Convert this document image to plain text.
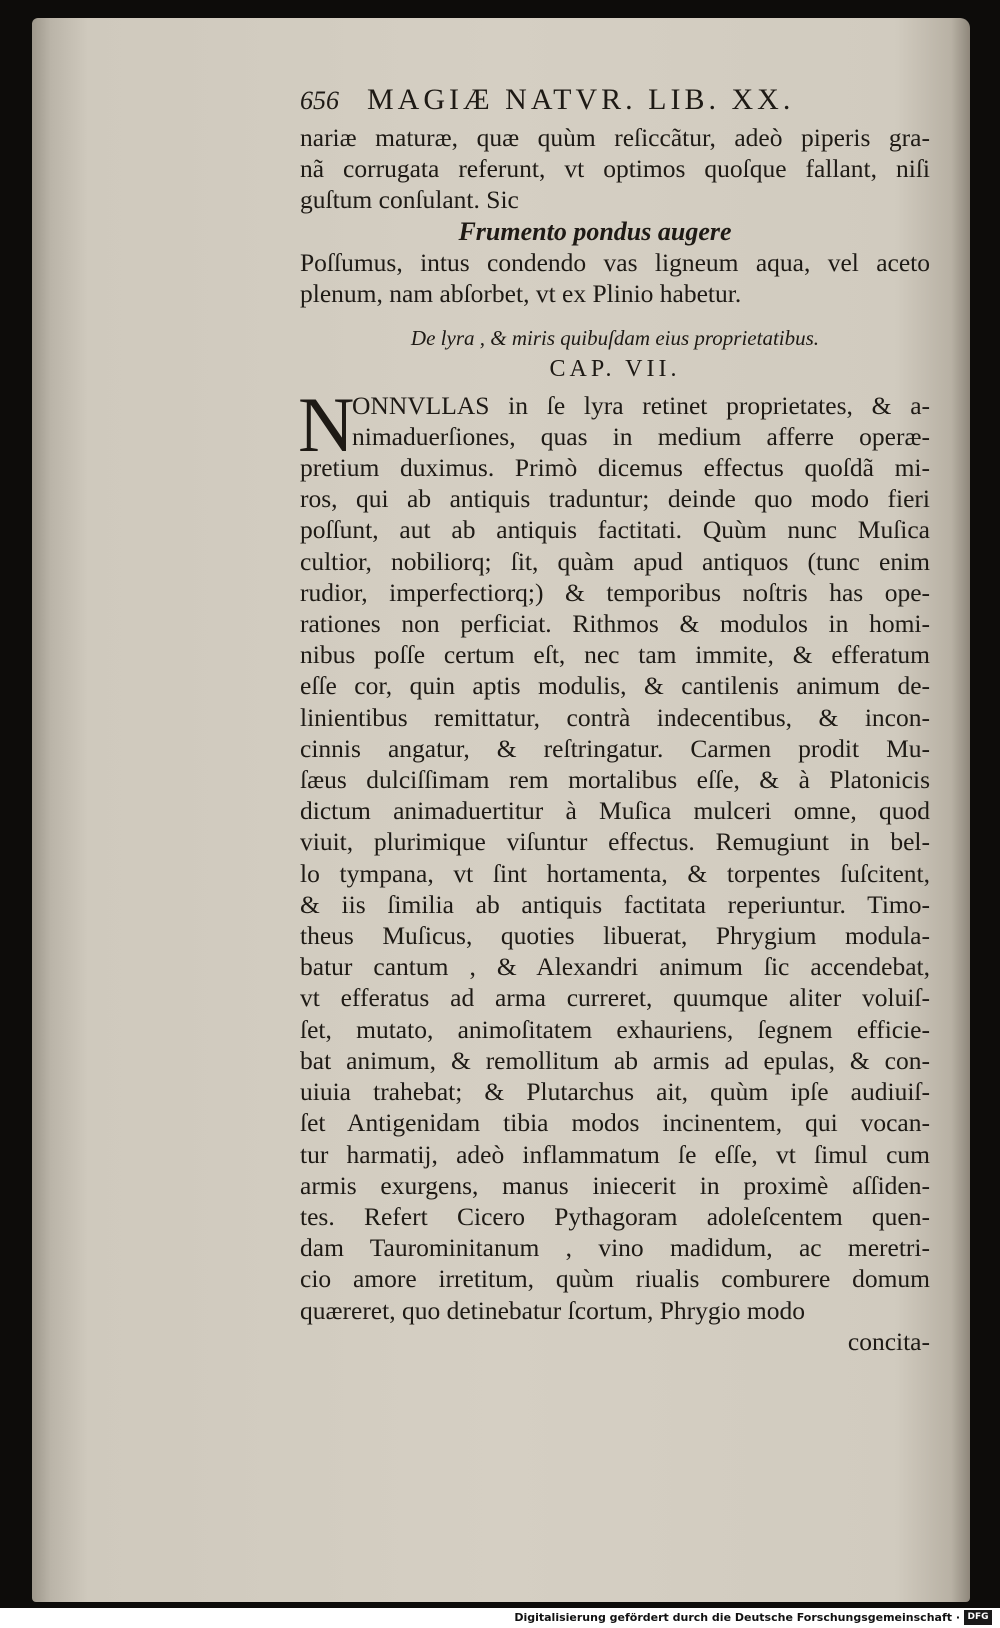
656 MAGIÆ NATVR. LIB. XX.
nariæ maturæ, quæ quùm reſiccãtur, adeò piperis gra-
nã corrugata referunt, vt optimos quoſque fallant, niſi
guſtum conſulant. Sic
Frumento pondus augere
Poſſumus, intus condendo vas ligneum aqua, vel aceto
plenum, nam abſorbet, vt ex Plinio habetur.
De lyra , & miris quibuſdam eius proprietatibus.
CAP. VII.
N
ONNVLLAS in ſe lyra retinet proprietates, & a-
nimaduerſiones, quas in medium afferre operæ-
pretium duximus. Primò dicemus effectus quoſdã mi-
ros, qui ab antiquis traduntur; deinde quo modo fieri
poſſunt, aut ab antiquis factitati. Quùm nunc Muſica
cultior, nobiliorq; ſit, quàm apud antiquos (tunc enim
rudior, imperfectiorq;) & temporibus noſtris has ope-
rationes non perficiat. Rithmos & modulos in homi-
nibus poſſe certum eſt, nec tam immite, & efferatum
eſſe cor, quin aptis modulis, & cantilenis animum de-
linientibus remittatur, contrà indecentibus, & incon-
cinnis angatur, & reſtringatur. Carmen prodit Mu-
ſæus dulciſſimam rem mortalibus eſſe, & à Platonicis
dictum animaduertitur à Muſica mulceri omne, quod
viuit, plurimique viſuntur effectus. Remugiunt in bel-
lo tympana, vt ſint hortamenta, & torpentes ſuſcitent,
& iis ſimilia ab antiquis factitata reperiuntur. Timo-
theus Muſicus, quoties libuerat, Phrygium modula-
batur cantum , & Alexandri animum ſic accendebat,
vt efferatus ad arma curreret, quumque aliter voluiſ-
ſet, mutato, animoſitatem exhauriens, ſegnem efficie-
bat animum, & remollitum ab armis ad epulas, & con-
uiuia trahebat; & Plutarchus ait, quùm ipſe audiuiſ-
ſet Antigenidam tibia modos incinentem, qui vocan-
tur harmatij, adeò inflammatum ſe eſſe, vt ſimul cum
armis exurgens, manus iniecerit in proximè aſſiden-
tes. Refert Cicero Pythagoram adoleſcentem quen-
dam Taurominitanum , vino madidum, ac meretri-
cio amore irretitum, quùm riualis comburere domum
quæreret, quo detinebatur ſcortum, Phrygio modo
concita-
Digitalisierung gefördert durch die Deutsche Forschungsgemeinschaft · DFG
